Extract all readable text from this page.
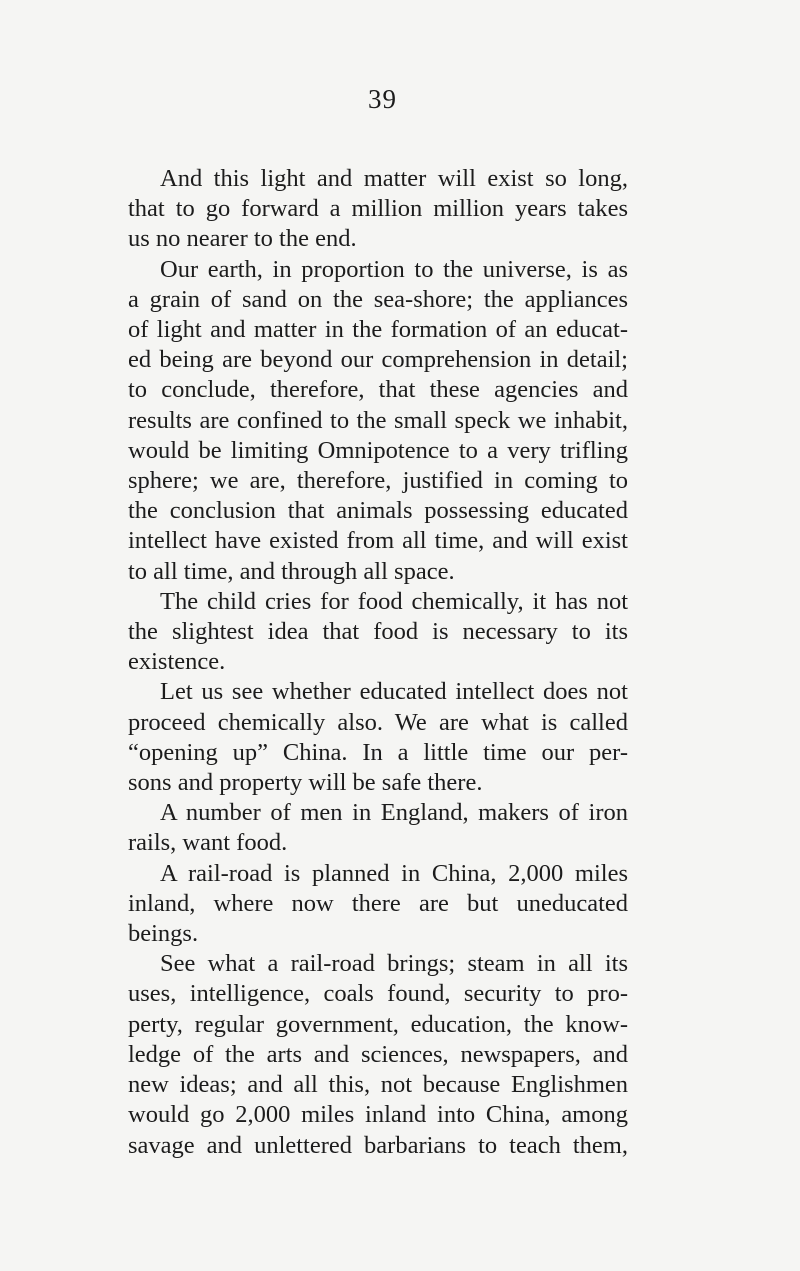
39

And this light and matter will exist so long,
that to go forward a million million years takes
us no nearer to the end.

Our earth, in proportion to the universe, is as
a grain of sand on the sea-shore; the appliances
of light and matter in the formation of an educat-
ed being are beyond our comprehension in detail;
to conclude, therefore, that these agencies and
results are confined to the small speck we inhabit,
would be limiting Omnipotence to a very trifling
sphere; we are, therefore, justified in coming to
the conclusion that animals possessing educated
intellect have existed from all time, and will exist
to all time, and through all space.

The child cries for food chemically, it has not
the slightest idea that food is necessary to its
existence.

Let us see whether educated intellect does not
proceed chemically also. We are what is called
“opening up” China. In a little time our per-
sons and property will be safe there.

A number of men in England, makers of iron
rails, want food.

A rail-road is planned in China, 2,000 miles
inland, where now there are but uneducated
beings.

See what a rail-road brings; steam in all its
uses, intelligence, coals found, security to pro-
perty, regular government, education, the know-
ledge of the arts and sciences, newspapers, and
new ideas; and all this, not because Englishmen
would go 2,000 miles inland into China, among
savage and unlettered barbarians to teach them,
